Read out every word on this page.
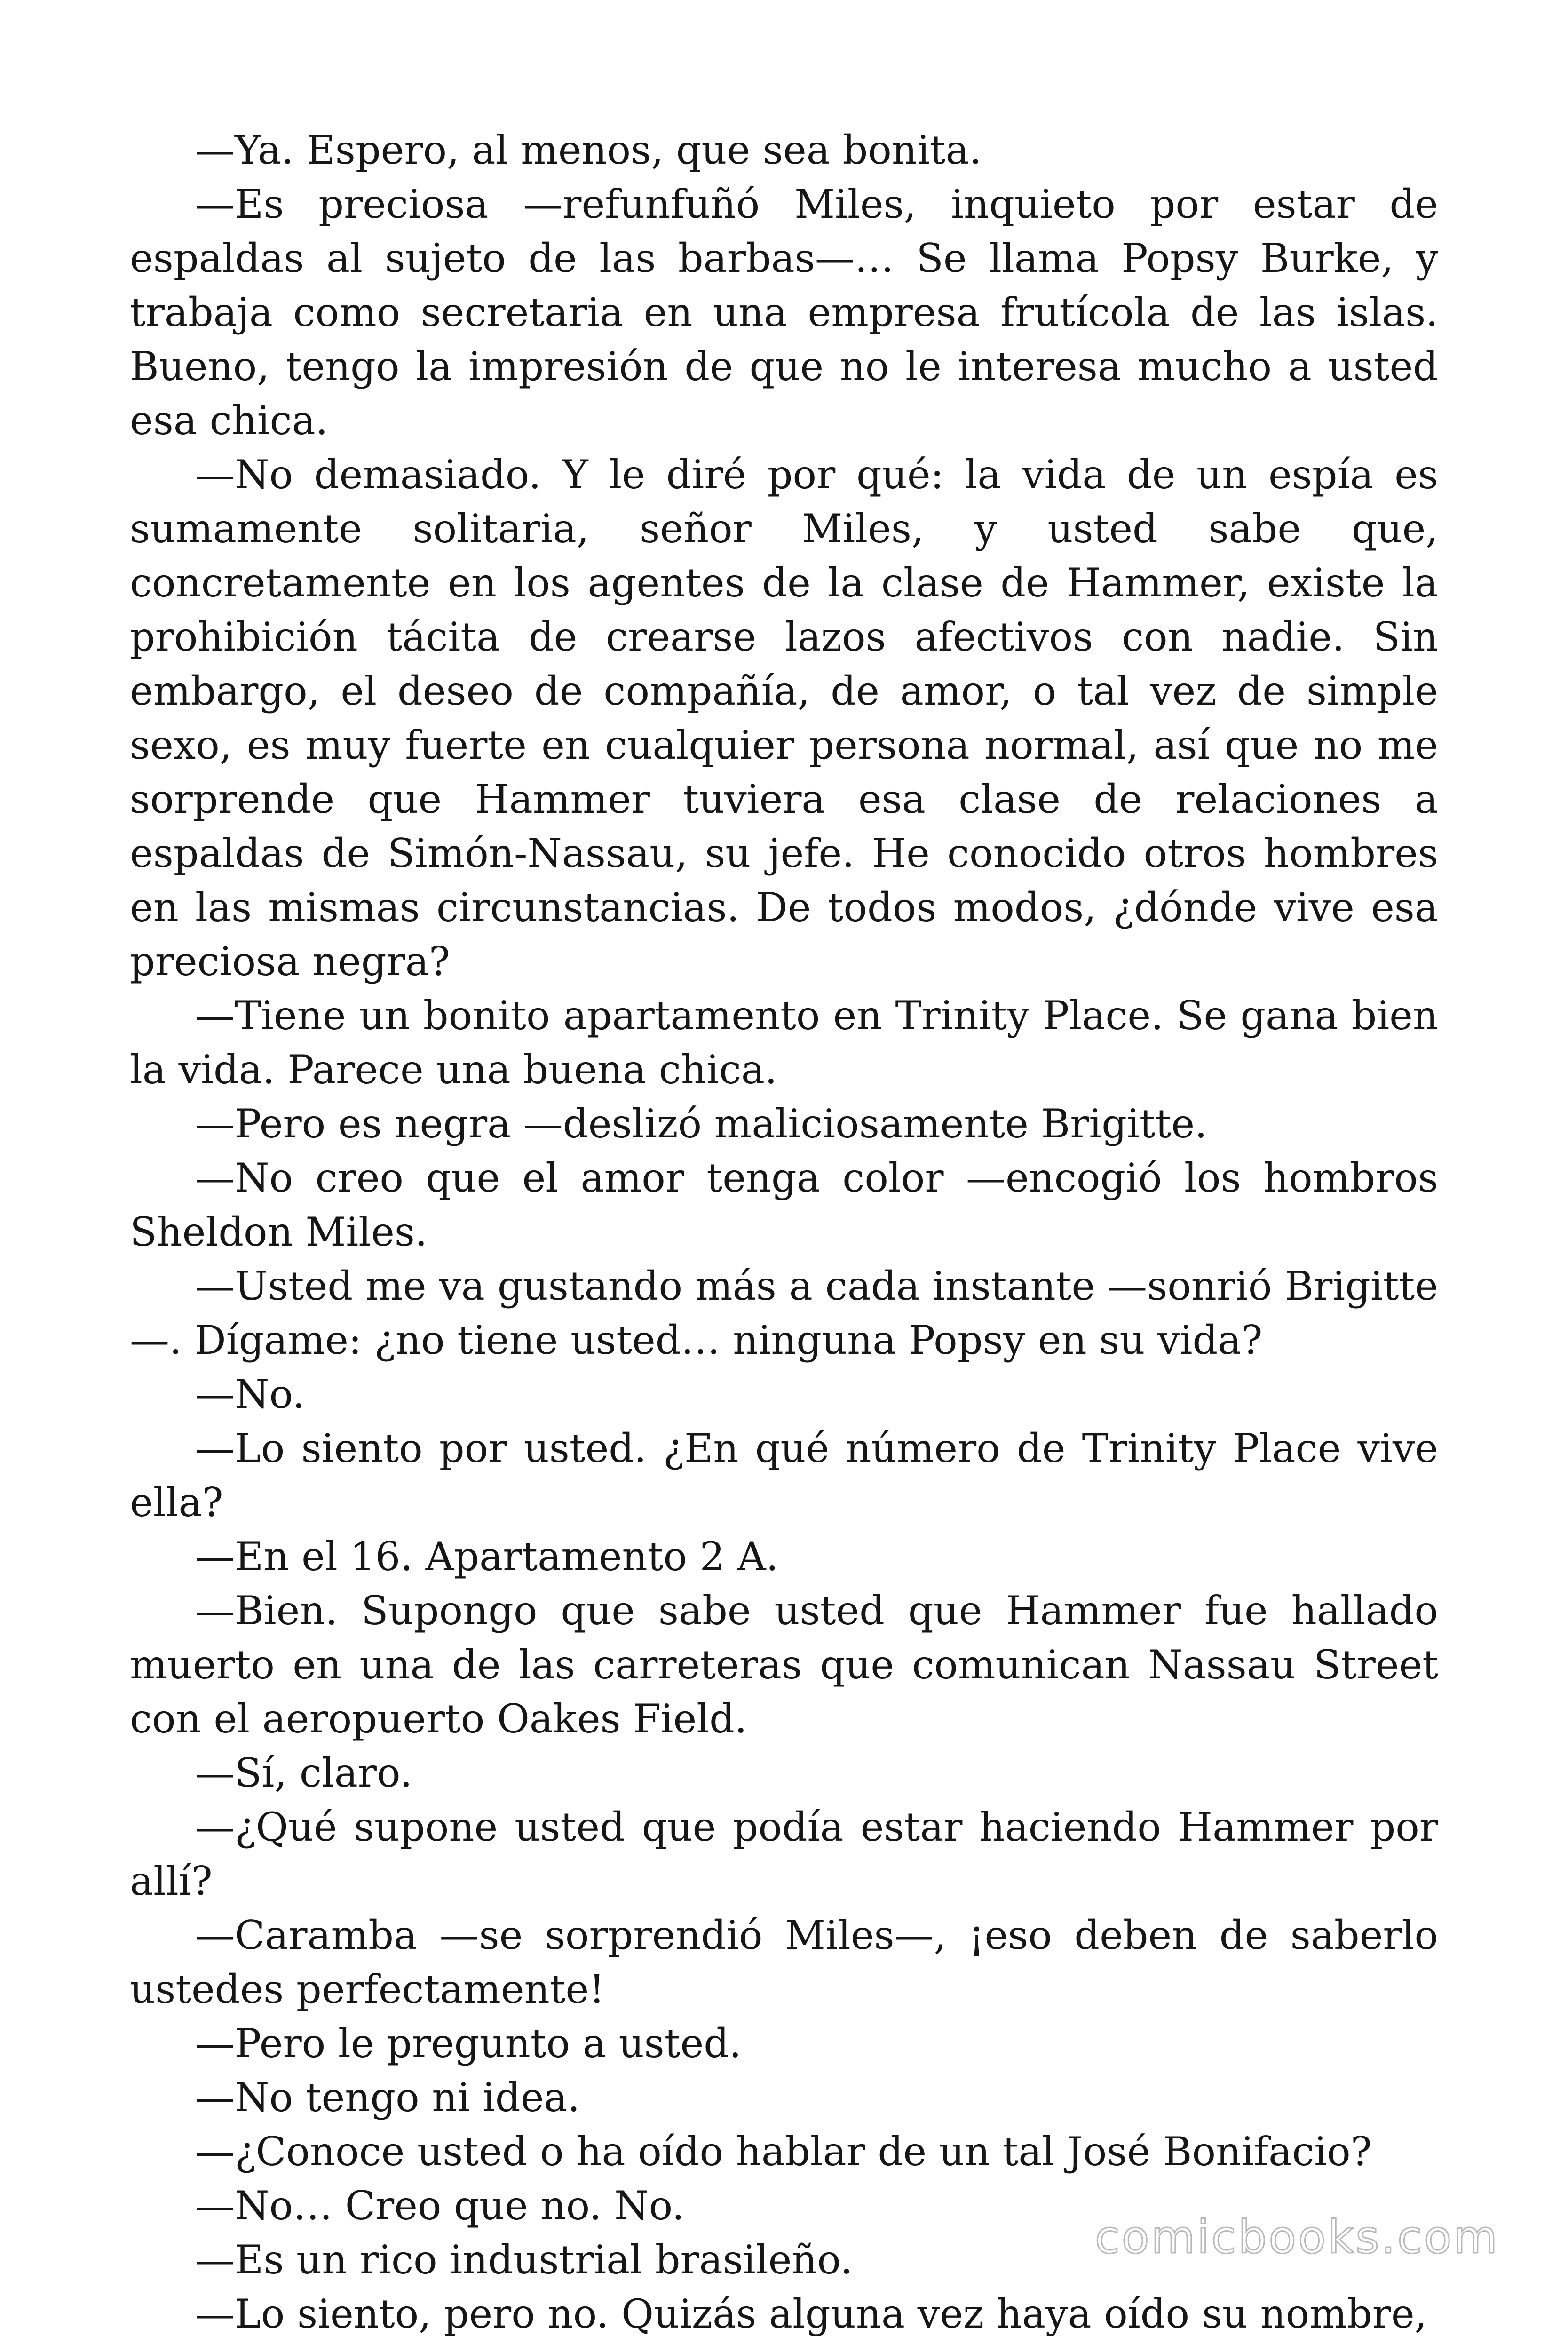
—Ya. Espero, al menos, que sea bonita.

—Es preciosa —refunfuñó Miles, inquieto por estar de espaldas al sujeto de las barbas—… Se llama Popsy Burke, y trabaja como secretaria en una empresa frutícola de las islas. Bueno, tengo la impresión de que no le interesa mucho a usted esa chica.

—No demasiado. Y le diré por qué: la vida de un espía es sumamente solitaria, señor Miles, y usted sabe que, concretamente en los agentes de la clase de Hammer, existe la prohibición tácita de crearse lazos afectivos con nadie. Sin embargo, el deseo de compañía, de amor, o tal vez de simple sexo, es muy fuerte en cualquier persona normal, así que no me sorprende que Hammer tuviera esa clase de relaciones a espaldas de Simón-Nassau, su jefe. He conocido otros hombres en las mismas circunstancias. De todos modos, ¿dónde vive esa preciosa negra?

—Tiene un bonito apartamento en Trinity Place. Se gana bien la vida. Parece una buena chica.

—Pero es negra —deslizó maliciosamente Brigitte.

—No creo que el amor tenga color —encogió los hombros Sheldon Miles.

—Usted me va gustando más a cada instante —sonrió Brigitte—. Dígame: ¿no tiene usted… ninguna Popsy en su vida?

—No.

—Lo siento por usted. ¿En qué número de Trinity Place vive ella?

—En el 16. Apartamento 2 A.

—Bien. Supongo que sabe usted que Hammer fue hallado muerto en una de las carreteras que comunican Nassau Street con el aeropuerto Oakes Field.

—Sí, claro.

—¿Qué supone usted que podía estar haciendo Hammer por allí?

—Caramba —se sorprendió Miles—, ¡eso deben de saberlo ustedes perfectamente!

—Pero le pregunto a usted.

—No tengo ni idea.

—¿Conoce usted o ha oído hablar de un tal José Bonifacio?

—No… Creo que no. No.

—Es un rico industrial brasileño.

—Lo siento, pero no. Quizás alguna vez haya oído su nombre,

comicbooks.com
